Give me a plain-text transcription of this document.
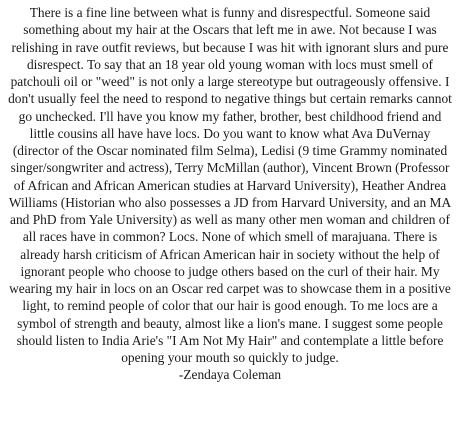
There is a fine line between what is funny and disrespectful. Someone said
something about my hair at the Oscars that left me in awe. Not because I was
relishing in rave outfit reviews, but because I was hit with ignorant slurs and pure
disrespect. To say that an 18 year old young woman with locs must smell of
patchouli oil or "weed" is not only a large stereotype but outrageously offensive. I
don't usually feel the need to respond to negative things but certain remarks cannot
go unchecked. I'll have you know my father, brother, best childhood friend and
little cousins all have have locs. Do you want to know what Ava DuVernay
(director of the Oscar nominated film Selma), Ledisi (9 time Grammy nominated
singer/songwriter and actress), Terry McMillan (author), Vincent Brown (Professor
of African and African American studies at Harvard University), Heather Andrea
Williams (Historian who also possesses a JD from Harvard University, and an MA
and PhD from Yale University) as well as many other men woman and children of
all races have in common? Locs. None of which smell of marajuana. There is
already harsh criticism of African American hair in society without the help of
ignorant people who choose to judge others based on the curl of their hair. My
wearing my hair in locs on an Oscar red carpet was to showcase them in a positive
light, to remind people of color that our hair is good enough. To me locs are a
symbol of strength and beauty, almost like a lion's mane. I suggest some people
should listen to India Arie's "I Am Not My Hair" and contemplate a little before
opening your mouth so quickly to judge.
-Zendaya Coleman
